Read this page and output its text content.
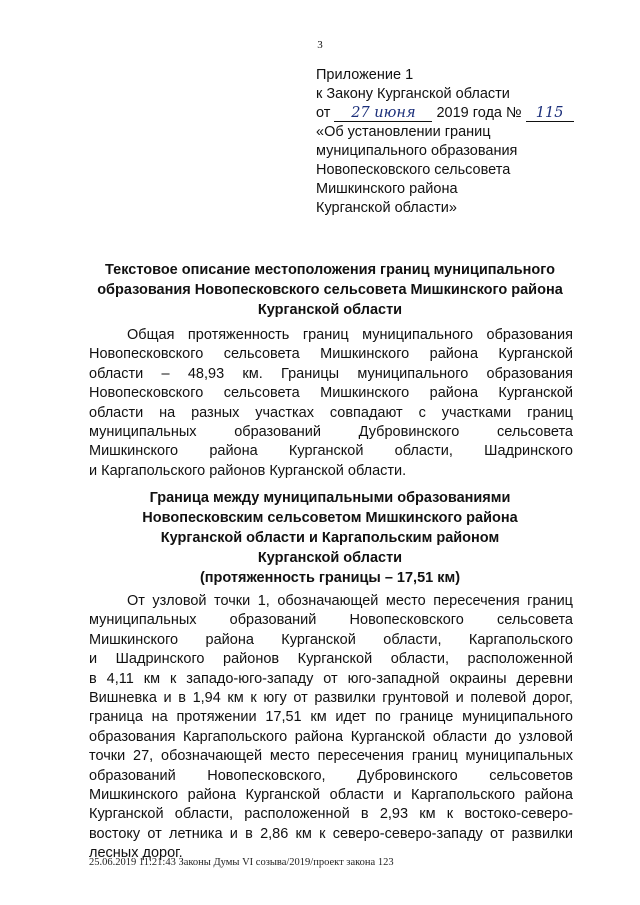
3
Приложение 1
к Закону Курганской области
от 27 июня 2019 года № 115
«Об установлении границ
муниципального образования
Новопесковского сельсовета
Мишкинского района
Курганской области»
Текстовое описание местоположения границ муниципального
образования Новопесковского сельсовета Мишкинского района
Курганской области
Общая протяженность границ муниципального образования
Новопесковского сельсовета Мишкинского района Курганской
области – 48,93 км. Границы муниципального образования
Новопесковского сельсовета Мишкинского района Курганской
области на разных участках совпадают с участками границ
муниципальных образований Дубровинского сельсовета
Мишкинского района Курганской области, Шадринского
и Каргапольского районов Курганской области.
Граница между муниципальными образованиями
Новопесковским сельсоветом Мишкинского района
Курганской области и Каргапольским районом
Курганской области
(протяженность границы – 17,51 км)
От узловой точки 1, обозначающей место пересечения границ
муниципальных образований Новопесковского сельсовета
Мишкинского района Курганской области, Каргапольского
и Шадринского районов Курганской области, расположенной
в 4,11 км к западо-юго-западу от юго-западной окраины деревни
Вишневка и в 1,94 км к югу от развилки грунтовой и полевой дорог,
граница на протяжении 17,51 км идет по границе муниципального
образования Каргапольского района Курганской области до узловой
точки 27, обозначающей место пересечения границ муниципальных
образований Новопесковского, Дубровинского сельсоветов
Мишкинского района Курганской области и Каргапольского района
Курганской области, расположенной в 2,93 км к востоко-северо-
востоку от летника и в 2,86 км к северо-северо-западу от развилки
лесных дорог.
25.06.2019 11:21:43 Законы Думы VI созыва/2019/проект закона 123
